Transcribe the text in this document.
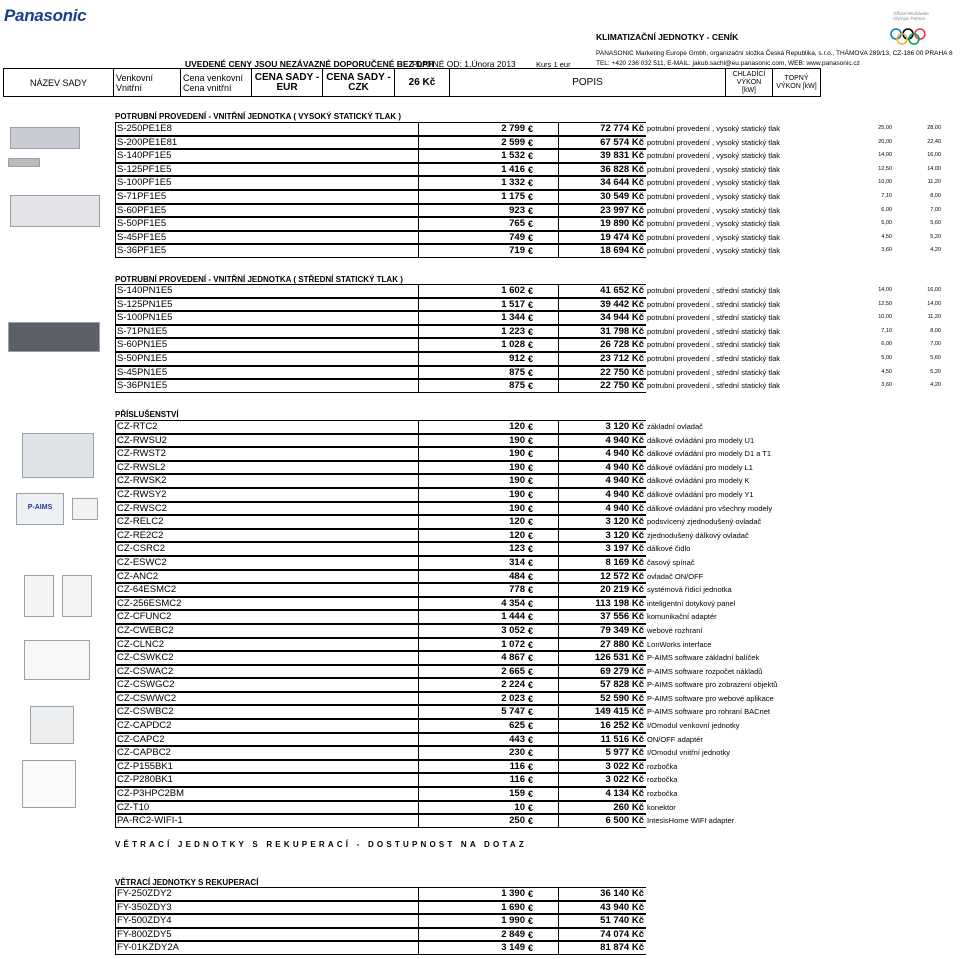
Panasonic
UVEDENÉ CENY JSOU NEZÁVAZNÉ DOPORUČENÉ BEZ DPH
PLATNÉ OD: 1.Února 2013	Kurs 1 eur
KLIMATIZAČNÍ JEDNOTKY - CENÍK
PANASONIC Marketing Europe Gmbh, organizační složka Česká Republika, s.r.o., THÁMOVA 289/13, CZ-186 00 PRAHA 8
TEL: +420 236 032 511, E-MAIL: jakub.sachl@eu.panasonic.com, WEB: www.panasonic.cz
Official Worldwide Olympic Partner
NÁZEV SADY	Venkovní
Vnitřní

Cena venkovní
Cena vnitřní

CENA SADY -
EUR

CENA SADY -
CZK	26 Kč	POPIS	
CHLADÍCÍ
VÝKON
[kW]

TOPNÝ
VÝKON [kW]
P-AIMS
POTRUBNÍ PROVEDENÍ - VNITŘNÍ JEDNOTKA ( VYSOKÝ STATICKÝ TLAK )
S-250PE1E8	2 799 €	72 774 Kč potrubní provedení , vysoký statický tlak	25,00	28,00
S-200PE1E81	2 599 €	67 574 Kč potrubní provedení , vysoký statický tlak	20,00	22,40
S-140PF1E5	1 532 €	39 831 Kč potrubní provedení , vysoký statický tlak	14,00	16,00
S-125PF1E5	1 416 €	36 828 Kč potrubní provedení , vysoký statický tlak	12,50	14,00
S-100PF1E5	1 332 €	34 644 Kč potrubní provedení , vysoký statický tlak	10,00	11,20
S-71PF1E5	1 175 €	30 549 Kč potrubní provedení , vysoký statický tlak	7,10	8,00
S-60PF1E5	923 €	23 997 Kč potrubní provedení , vysoký statický tlak	6,00	7,00
S-50PF1E5	765 €	19 890 Kč potrubní provedení , vysoký statický tlak	5,00	5,60
S-45PF1E5	749 €	19 474 Kč potrubní provedení , vysoký statický tlak	4,50	5,20
S-36PF1E5	719 €	18 694 Kč potrubní provedení , vysoký statický tlak	3,60	4,20
POTRUBNÍ PROVEDENÍ - VNITŘNÍ JEDNOTKA ( STŘEDNÍ STATICKÝ TLAK )
S-140PN1E5	1 602 €	41 652 Kč potrubní provedení , střední statický tlak	14,00	16,00
S-125PN1E5	1 517 €	39 442 Kč potrubní provedení , střední statický tlak	12,50	14,00
S-100PN1E5	1 344 €	34 944 Kč potrubní provedení , střední statický tlak	10,00	11,20
S-71PN1E5	1 223 €	31 798 Kč potrubní provedení , střední statický tlak	7,10	8,00
S-60PN1E5	1 028 €	26 728 Kč potrubní provedení , střední statický tlak	6,00	7,00
S-50PN1E5	912 €	23 712 Kč potrubní provedení , střední statický tlak	5,00	5,60
S-45PN1E5	875 €	22 750 Kč potrubní provedení , střední statický tlak	4,50	5,20
S-36PN1E5	875 €	22 750 Kč potrubní provedení , střední statický tlak	3,60	4,20
PŘÍSLUŠENSTVÍ
CZ-RTC2	120 €	3 120 Kč základní ovladač
CZ-RWSU2	190 €	4 940 Kč dálkové ovládání pro modely U1
CZ-RWST2	190 €	4 940 Kč dálkové ovládání pro modely D1 a T1
CZ-RWSL2	190 €	4 940 Kč dálkové ovládání pro modely L1
CZ-RWSK2	190 €	4 940 Kč dálkové ovládání pro modely K
CZ-RWSY2	190 €	4 940 Kč dálkové ovládání pro modely Y1
CZ-RWSC2	190 €	4 940 Kč dálkové ovládání pro všechny modely
CZ-RELC2	120 €	3 120 Kč podsvícený zjednodušený ovladač
CZ-RE2C2	120 €	3 120 Kč zjednodušený dálkový ovladač
CZ-CSRC2	123 €	3 197 Kč dálkové čidlo
CZ-ESWC2	314 €	8 169 Kč časový spínač
CZ-ANC2	484 €	12 572 Kč ovladač ON/OFF
CZ-64ESMC2	778 €	20 219 Kč systémová řídicí jednotka
CZ-256ESMC2	4 354 €	113 198 Kč inteligentní dotykový panel
CZ-CFUNC2	1 444 €	37 556 Kč komunikační adaptér
CZ-CWEBC2	3 052 €	79 349 Kč webové rozhraní
CZ-CLNC2	1 072 €	27 880 Kč LonWorks interface
CZ-CSWKC2	4 867 €	126 531 Kč P-AIMS software základní balíček
CZ-CSWAC2	2 665 €	69 279 Kč P-AIMS software rozpočet nákladů
CZ-CSWGC2	2 224 €	57 828 Kč P-AIMS software pro zobrazení objektů
CZ-CSWWC2	2 023 €	52 590 Kč P-AIMS software pro webové aplikace
CZ-CSWBC2	5 747 €	149 415 Kč P-AIMS software pro rohraní BACnet
CZ-CAPDC2	625 €	16 252 Kč I/Omodul venkovní jednotky
CZ-CAPC2	443 €	11 516 Kč ON/OFF adaptér
CZ-CAPBC2	230 €	5 977 Kč I/Omodul vnitřní jednotky
CZ-P155BK1	116 €	3 022 Kč rozbočka
CZ-P280BK1	116 €	3 022 Kč rozbočka
CZ-P3HPC2BM	159 €	4 134 Kč rozbočka
CZ-T10	10 €	260 Kč konektor
PA-RC2-WIFI-1	250 €	6 500 Kč IntesisHome WIFI adapter
VĚTRACÍ JEDNOTKY S REKUPERACÍ - DOSTUPNOST NA DOTAZ
VĚTRACÍ JEDNOTKY S REKUPERACÍ
FY-250ZDY2	1 390 €	36 140 Kč
FY-350ZDY3	1 690 €	43 940 Kč
FY-500ZDY4	1 990 €	51 740 Kč
FY-800ZDY5	2 849 €	74 074 Kč
FY-01KZDY2A	3 149 €	81 874 Kč
